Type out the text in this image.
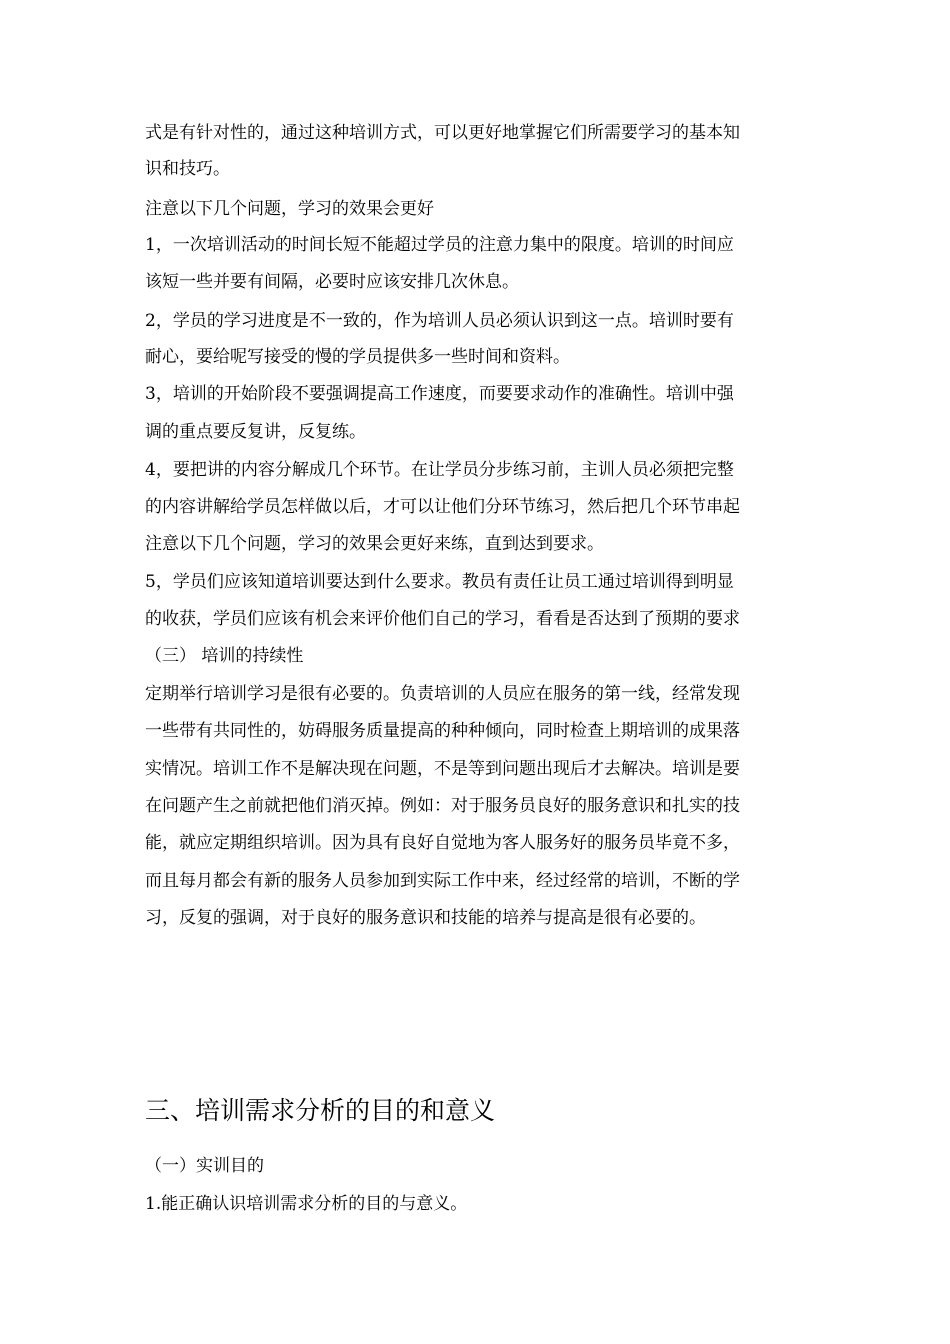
式是有针对性的，通过这种培训方式，可以更好地掌握它们所需要学习的基本知
识和技巧。
注意以下几个问题，学习的效果会更好
1，一次培训活动的时间长短不能超过学员的注意力集中的限度。培训的时间应
该短一些并要有间隔，必要时应该安排几次休息。
2，学员的学习进度是不一致的，作为培训人员必须认识到这一点。培训时要有
耐心，要给呢写接受的慢的学员提供多一些时间和资料。
3，培训的开始阶段不要强调提高工作速度，而要要求动作的准确性。培训中强
调的重点要反复讲，反复练。
4，要把讲的内容分解成几个环节。在让学员分步练习前，主训人员必须把完整
的内容讲解给学员怎样做以后，才可以让他们分环节练习，然后把几个环节串起
注意以下几个问题，学习的效果会更好来练，直到达到要求。
5，学员们应该知道培训要达到什么要求。教员有责任让员工通过培训得到明显
的收获，学员们应该有机会来评价他们自己的学习，看看是否达到了预期的要求
（三） 培训的持续性
定期举行培训学习是很有必要的。负责培训的人员应在服务的第一线，经常发现
一些带有共同性的，妨碍服务质量提高的种种倾向，同时检查上期培训的成果落
实情况。培训工作不是解决现在问题，不是等到问题出现后才去解决。培训是要
在问题产生之前就把他们消灭掉。例如：对于服务员良好的服务意识和扎实的技
能，就应定期组织培训。因为具有良好自觉地为客人服务好的服务员毕竟不多，
而且每月都会有新的服务人员参加到实际工作中来，经过经常的培训，不断的学
习，反复的强调，对于良好的服务意识和技能的培养与提高是很有必要的。
三、培训需求分析的目的和意义
（一）实训目的
1.能正确认识培训需求分析的目的与意义。
